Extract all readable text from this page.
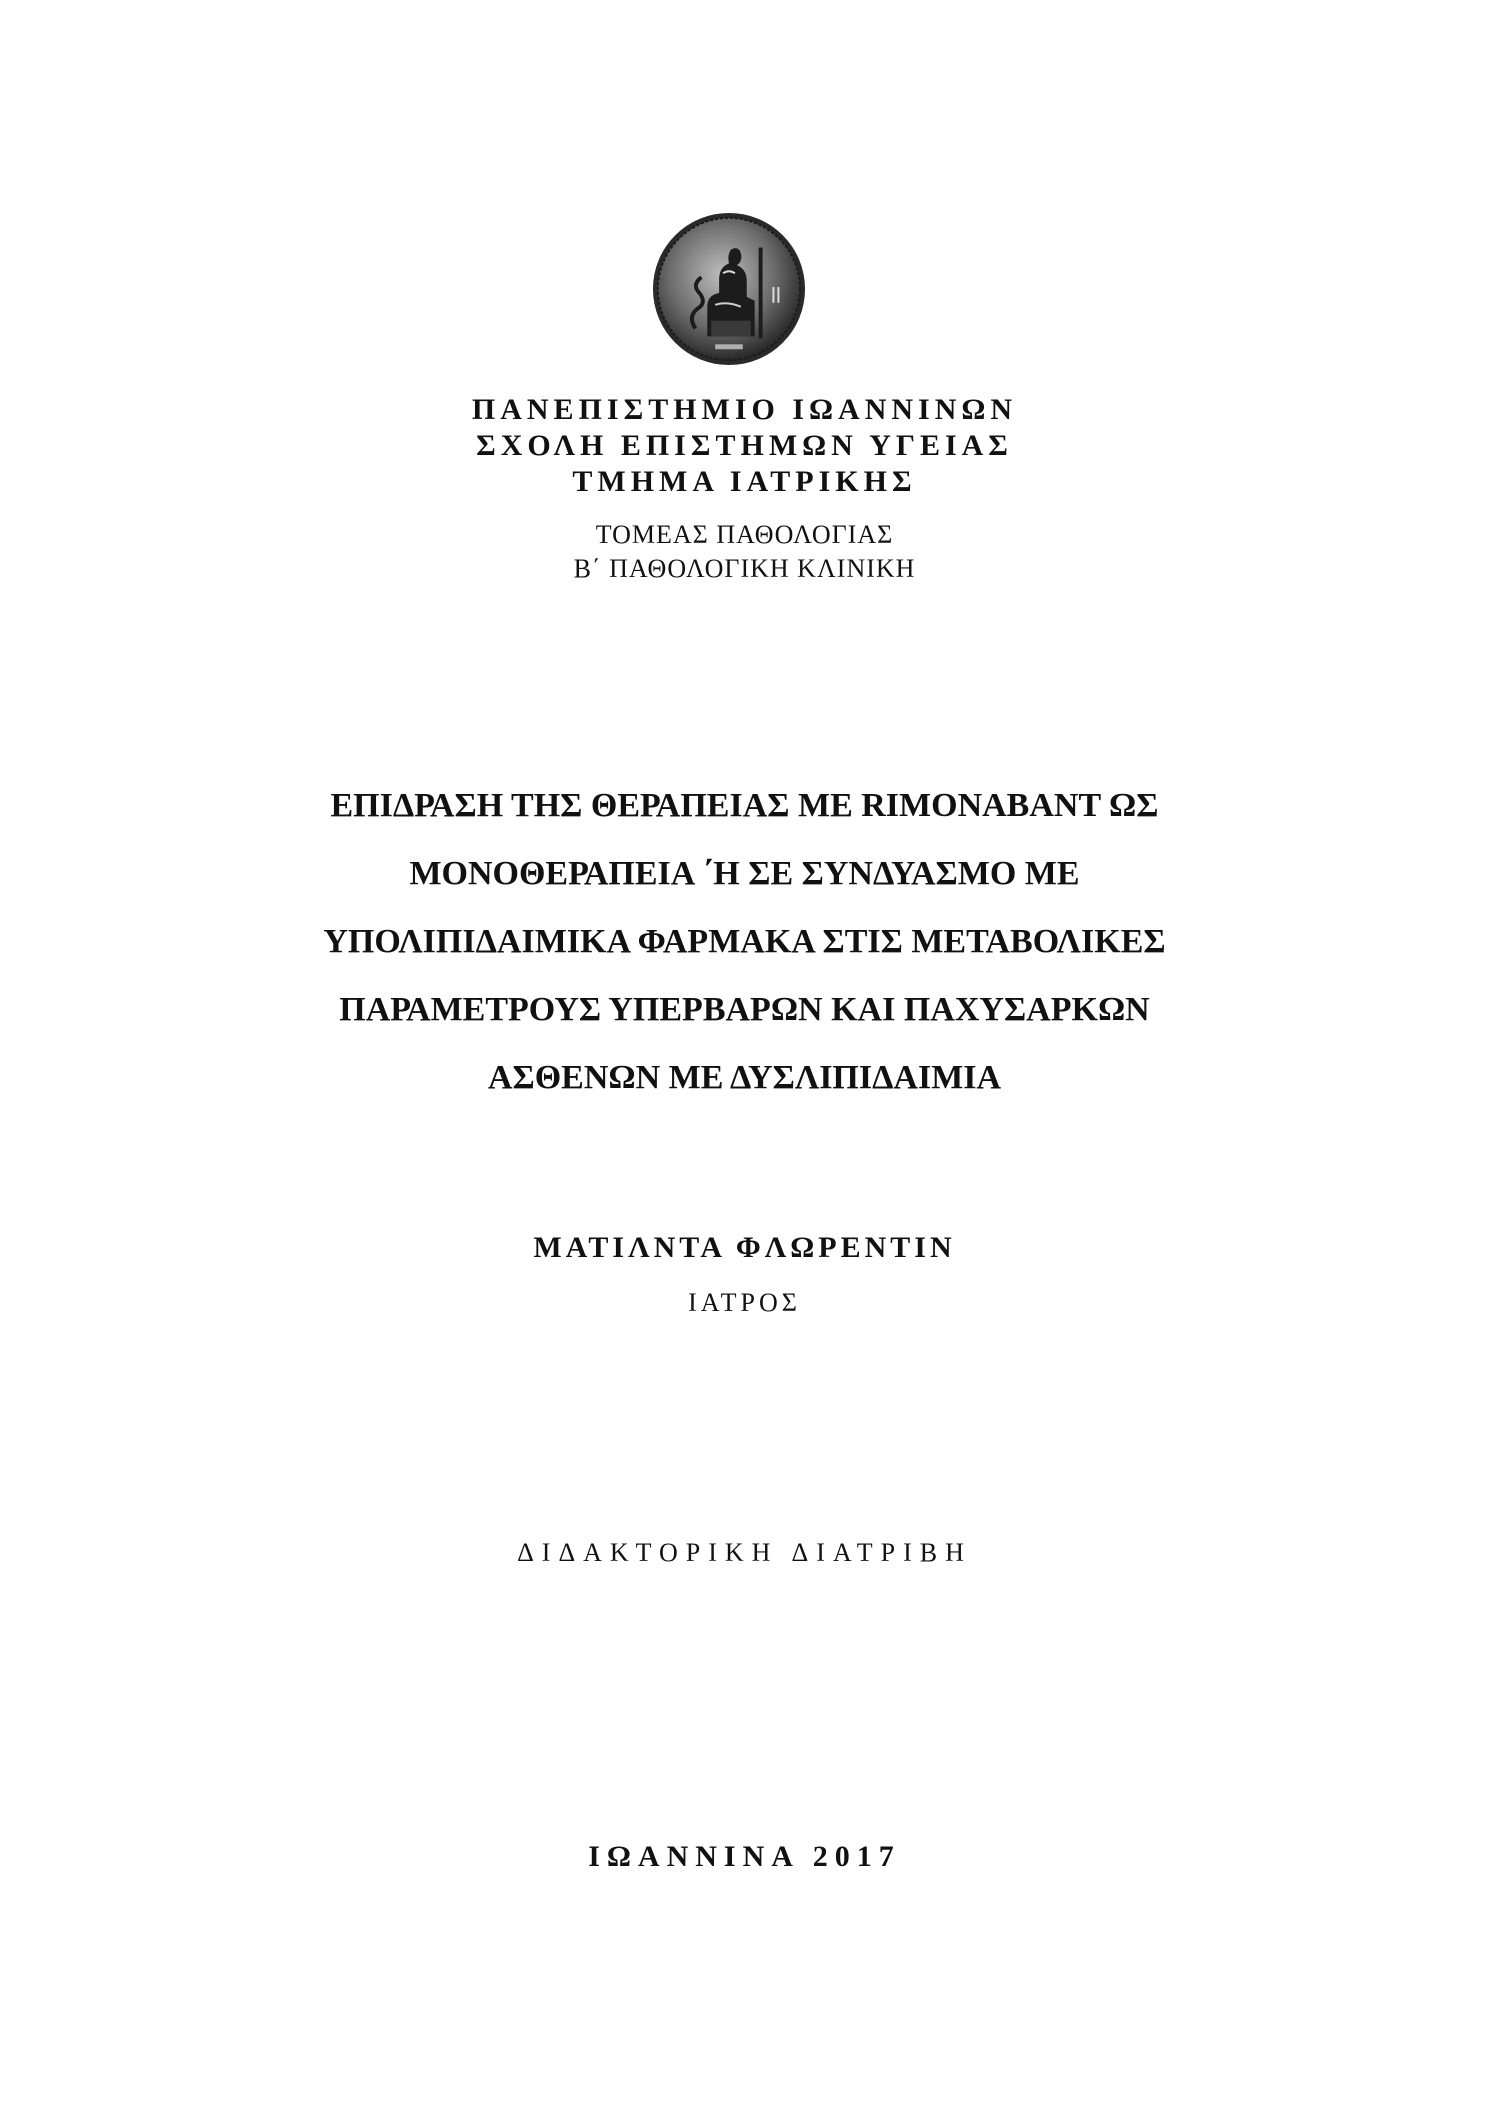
ΠΑΝΕΠΙΣΤΗΜΙΟ ΙΩΑΝΝΙΝΩΝ

ΣΧΟΛΗ ΕΠΙΣΤΗΜΩΝ ΥΓΕΙΑΣ

ΤΜΗΜΑ ΙΑΤΡΙΚΗΣ

ΤΟΜΕΑΣ ΠΑΘΟΛΟΓΙΑΣ

Β΄ ΠΑΘΟΛΟΓΙΚΗ ΚΛΙΝΙΚΗ

ΕΠΙΔΡΑΣΗ ΤΗΣ ΘΕΡΑΠΕΙΑΣ ΜΕ RIMONABANT ΩΣ

ΜΟΝΟΘΕΡΑΠΕΙΑ ΄Η ΣΕ ΣΥΝΔΥΑΣΜΟ ΜΕ

ΥΠΟΛΙΠΙΔΑΙΜΙΚΑ ΦΑΡΜΑΚΑ ΣΤΙΣ ΜΕΤΑΒΟΛΙΚΕΣ

ΠΑΡΑΜΕΤΡΟΥΣ ΥΠΕΡΒΑΡΩΝ ΚΑΙ ΠΑΧΥΣΑΡΚΩΝ

ΑΣΘΕΝΩΝ ΜΕ ΔΥΣΛΙΠΙΔΑΙΜΙΑ

ΜΑΤΙΛΝΤΑ ΦΛΩΡΕΝΤΙΝ

ΙΑΤΡΟΣ

ΔΙΔΑΚΤΟΡΙΚΗ ΔΙΑΤΡΙΒΗ

ΙΩΑΝΝΙΝΑ 2017
